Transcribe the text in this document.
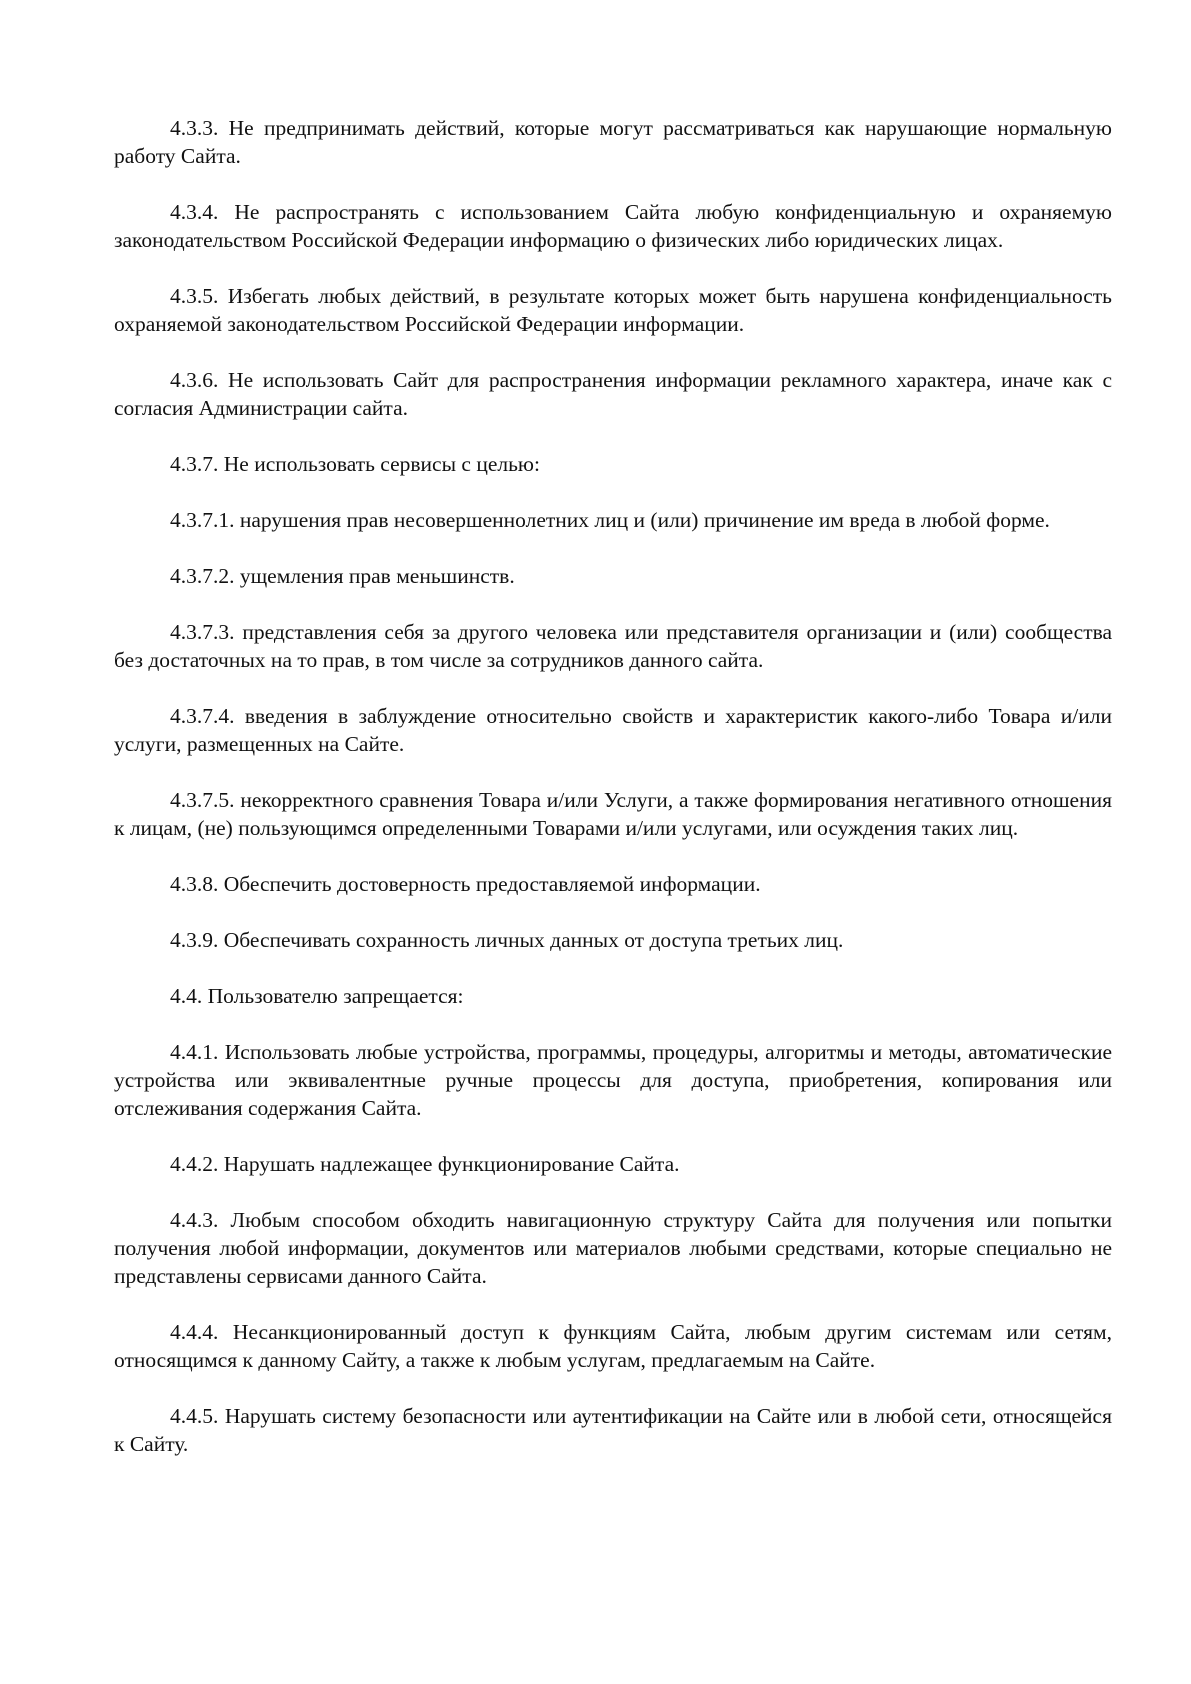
4.3.3. Не предпринимать действий, которые могут рассматриваться как нарушающие нормальную работу Сайта.

4.3.4. Не распространять с использованием Сайта любую конфиденциальную и охраняемую законодательством Российской Федерации информацию о физических либо юридических лицах.

4.3.5. Избегать любых действий, в результате которых может быть нарушена конфиденциальность охраняемой законодательством Российской Федерации информации.

4.3.6. Не использовать Сайт для распространения информации рекламного характера, иначе как с согласия Администрации сайта.

4.3.7. Не использовать сервисы с целью:

4.3.7.1. нарушения прав несовершеннолетних лиц и (или) причинение им вреда в любой форме.

4.3.7.2. ущемления прав меньшинств.

4.3.7.3. представления себя за другого человека или представителя организации и (или) сообщества без достаточных на то прав, в том числе за сотрудников данного сайта.

4.3.7.4. введения в заблуждение относительно свойств и характеристик какого-либо Товара и/или услуги, размещенных на Сайте.

4.3.7.5. некорректного сравнения Товара и/или Услуги, а также формирования негативного отношения к лицам, (не) пользующимся определенными Товарами и/или услугами, или осуждения таких лиц.

4.3.8. Обеспечить достоверность предоставляемой информации.

4.3.9. Обеспечивать сохранность личных данных от доступа третьих лиц.

4.4. Пользователю запрещается:

4.4.1. Использовать любые устройства, программы, процедуры, алгоритмы и методы, автоматические устройства или эквивалентные ручные процессы для доступа, приобретения, копирования или отслеживания содержания Сайта.

4.4.2. Нарушать надлежащее функционирование Сайта.

4.4.3. Любым способом обходить навигационную структуру Сайта для получения или попытки получения любой информации, документов или материалов любыми средствами, которые специально не представлены сервисами данного Сайта.

4.4.4. Несанкционированный доступ к функциям Сайта, любым другим системам или сетям, относящимся к данному Сайту, а также к любым услугам, предлагаемым на Сайте.

4.4.5. Нарушать систему безопасности или аутентификации на Сайте или в любой сети, относящейся к Сайту.
